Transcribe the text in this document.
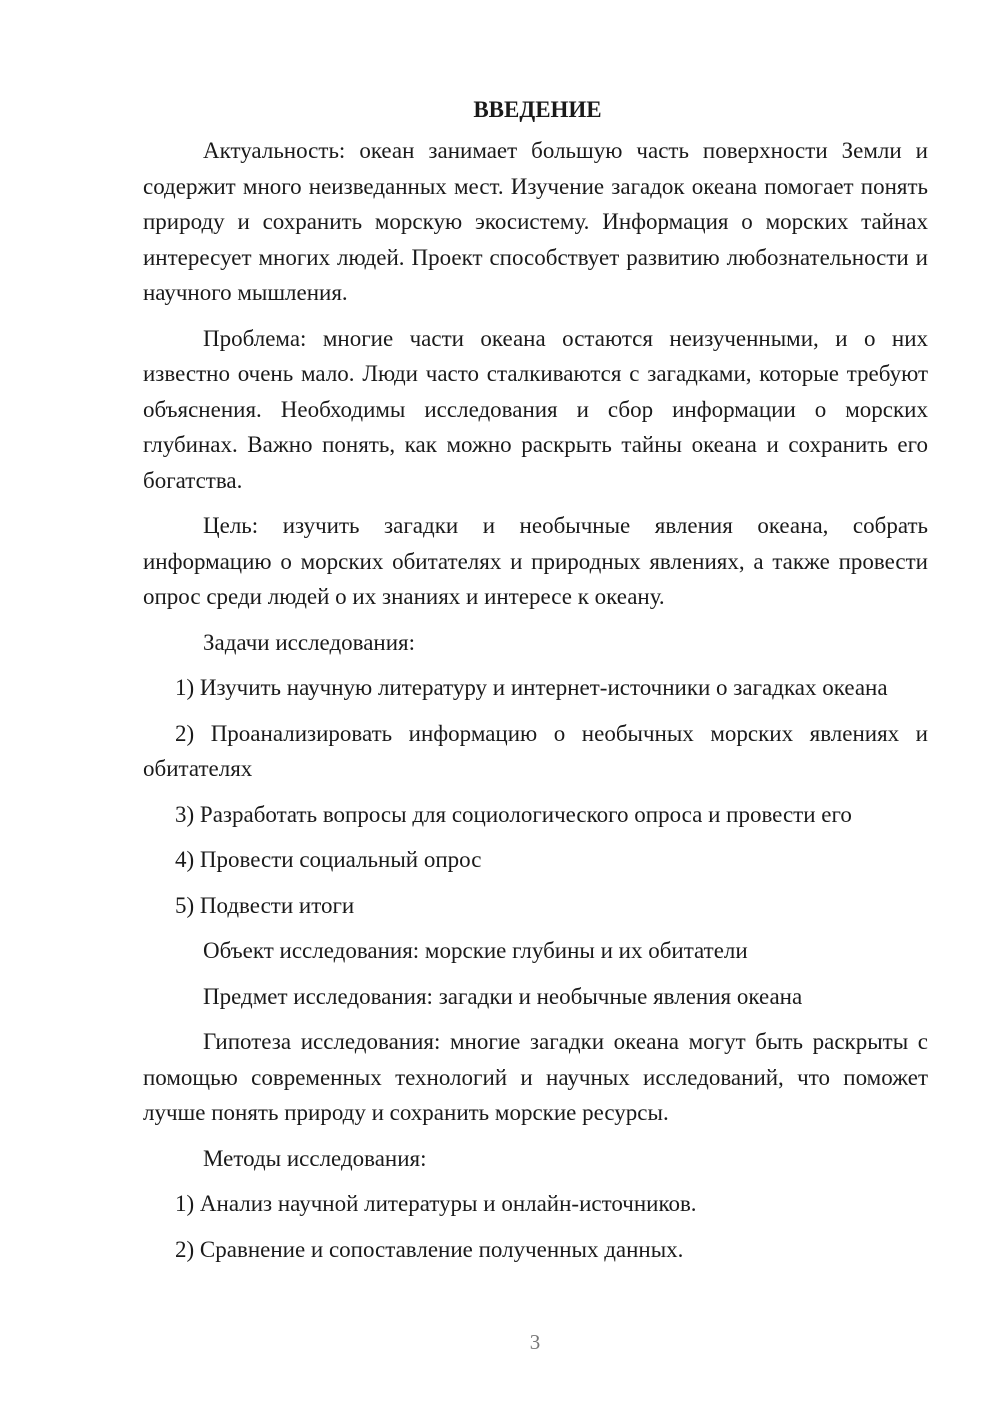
ВВЕДЕНИЕ

Актуальность: океан занимает большую часть поверхности Земли и содержит много неизведанных мест. Изучение загадок океана помогает понять природу и сохранить морскую экосистему. Информация о морских тайнах интересует многих людей. Проект способствует развитию любознательности и научного мышления.

Проблема: многие части океана остаются неизученными, и о них известно очень мало. Люди часто сталкиваются с загадками, которые требуют объяснения. Необходимы исследования и сбор информации о морских глубинах. Важно понять, как можно раскрыть тайны океана и сохранить его богатства.

Цель: изучить загадки и необычные явления океана, собрать информацию о морских обитателях и природных явлениях, а также провести опрос среди людей о их знаниях и интересе к океану.

Задачи исследования:

1) Изучить научную литературу и интернет-источники о загадках океана

2) Проанализировать информацию о необычных морских явлениях и обитателях

3) Разработать вопросы для социологического опроса и провести его

4) Провести социальный опрос

5) Подвести итоги

Объект исследования: морские глубины и их обитатели

Предмет исследования: загадки и необычные явления океана

Гипотеза исследования: многие загадки океана могут быть раскрыты с помощью современных технологий и научных исследований, что поможет лучше понять природу и сохранить морские ресурсы.

Методы исследования:

1) Анализ научной литературы и онлайн-источников.

2) Сравнение и сопоставление полученных данных.

3
